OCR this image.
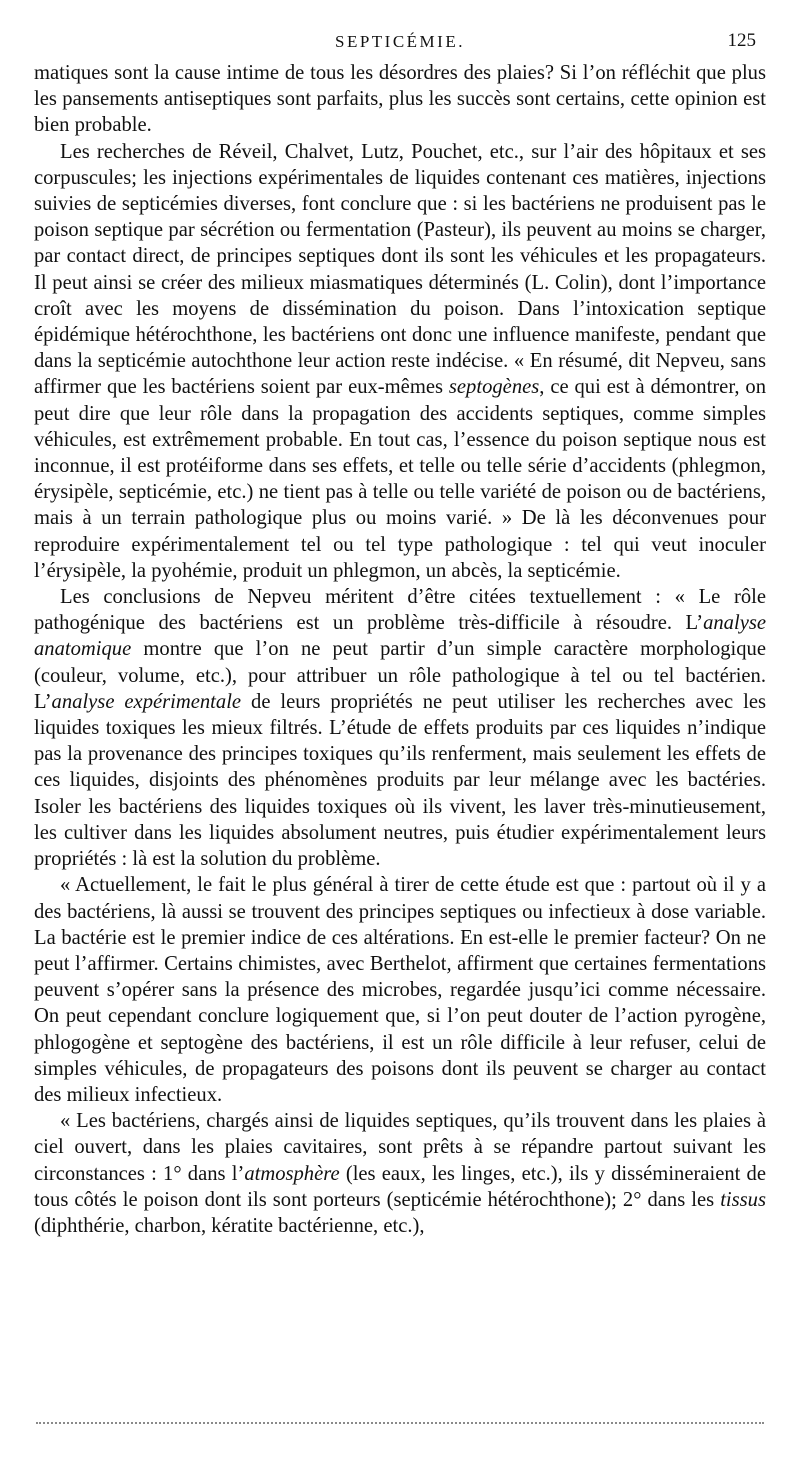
SEPTICÉMIE.	125

matiques sont la cause intime de tous les désordres des plaies? Si l’on réfléchit que plus les pansements antiseptiques sont parfaits, plus les succès sont certains, cette opinion est bien probable.

Les recherches de Réveil, Chalvet, Lutz, Pouchet, etc., sur l’air des hôpitaux et ses corpuscules; les injections expérimentales de liquides contenant ces matières, injections suivies de septicémies diverses, font conclure que : si les bactériens ne produisent pas le poison septique par sécrétion ou fermentation (Pasteur), ils peuvent au moins se charger, par contact direct, de principes septiques dont ils sont les véhicules et les propagateurs. Il peut ainsi se créer des milieux miasmatiques déterminés (L. Colin), dont l’importance croît avec les moyens de dissémination du poison. Dans l’intoxication septique épidémique hétérochthone, les bactériens ont donc une influence manifeste, pendant que dans la septicémie autochthone leur action reste indécise. « En résumé, dit Nepveu, sans affirmer que les bactériens soient par eux-mêmes septogènes, ce qui est à démontrer, on peut dire que leur rôle dans la propagation des accidents septiques, comme simples véhicules, est extrêmement probable. En tout cas, l’essence du poison septique nous est inconnue, il est protéiforme dans ses effets, et telle ou telle série d’accidents (phlegmon, érysipèle, septicémie, etc.) ne tient pas à telle ou telle variété de poison ou de bactériens, mais à un terrain pathologique plus ou moins varié. » De là les déconvenues pour reproduire expérimentalement tel ou tel type pathologique : tel qui veut inoculer l’érysipèle, la pyohémie, produit un phlegmon, un abcès, la septicémie.

Les conclusions de Nepveu méritent d’être citées textuellement : « Le rôle pathogénique des bactériens est un problème très-difficile à résoudre. L’analyse anatomique montre que l’on ne peut partir d’un simple caractère morphologique (couleur, volume, etc.), pour attribuer un rôle pathologique à tel ou tel bactérien. L’analyse expérimentale de leurs propriétés ne peut utiliser les recherches avec les liquides toxiques les mieux filtrés. L’étude de effets produits par ces liquides n’indique pas la provenance des principes toxiques qu’ils renferment, mais seulement les effets de ces liquides, disjoints des phénomènes produits par leur mélange avec les bactéries. Isoler les bactériens des liquides toxiques où ils vivent, les laver très-minutieusement, les cultiver dans les liquides absolument neutres, puis étudier expérimentalement leurs propriétés : là est la solution du problème.

« Actuellement, le fait le plus général à tirer de cette étude est que : partout où il y a des bactériens, là aussi se trouvent des principes septiques ou infectieux à dose variable. La bactérie est le premier indice de ces altérations. En est-elle le premier facteur? On ne peut l’affirmer. Certains chimistes, avec Berthelot, affirment que certaines fermentations peuvent s’opérer sans la présence des microbes, regardée jusqu’ici comme nécessaire. On peut cependant conclure logiquement que, si l’on peut douter de l’action pyrogène, phlogogène et septogène des bactériens, il est un rôle difficile à leur refuser, celui de simples véhicules, de propagateurs des poisons dont ils peuvent se charger au contact des milieux infectieux.

« Les bactériens, chargés ainsi de liquides septiques, qu’ils trouvent dans les plaies à ciel ouvert, dans les plaies cavitaires, sont prêts à se répandre partout suivant les circonstances : 1° dans l’atmosphère (les eaux, les linges, etc.), ils y dissémineraient de tous côtés le poison dont ils sont porteurs (septicémie hétérochthone); 2° dans les tissus (diphthérie, charbon, kératite bactérienne, etc.),
